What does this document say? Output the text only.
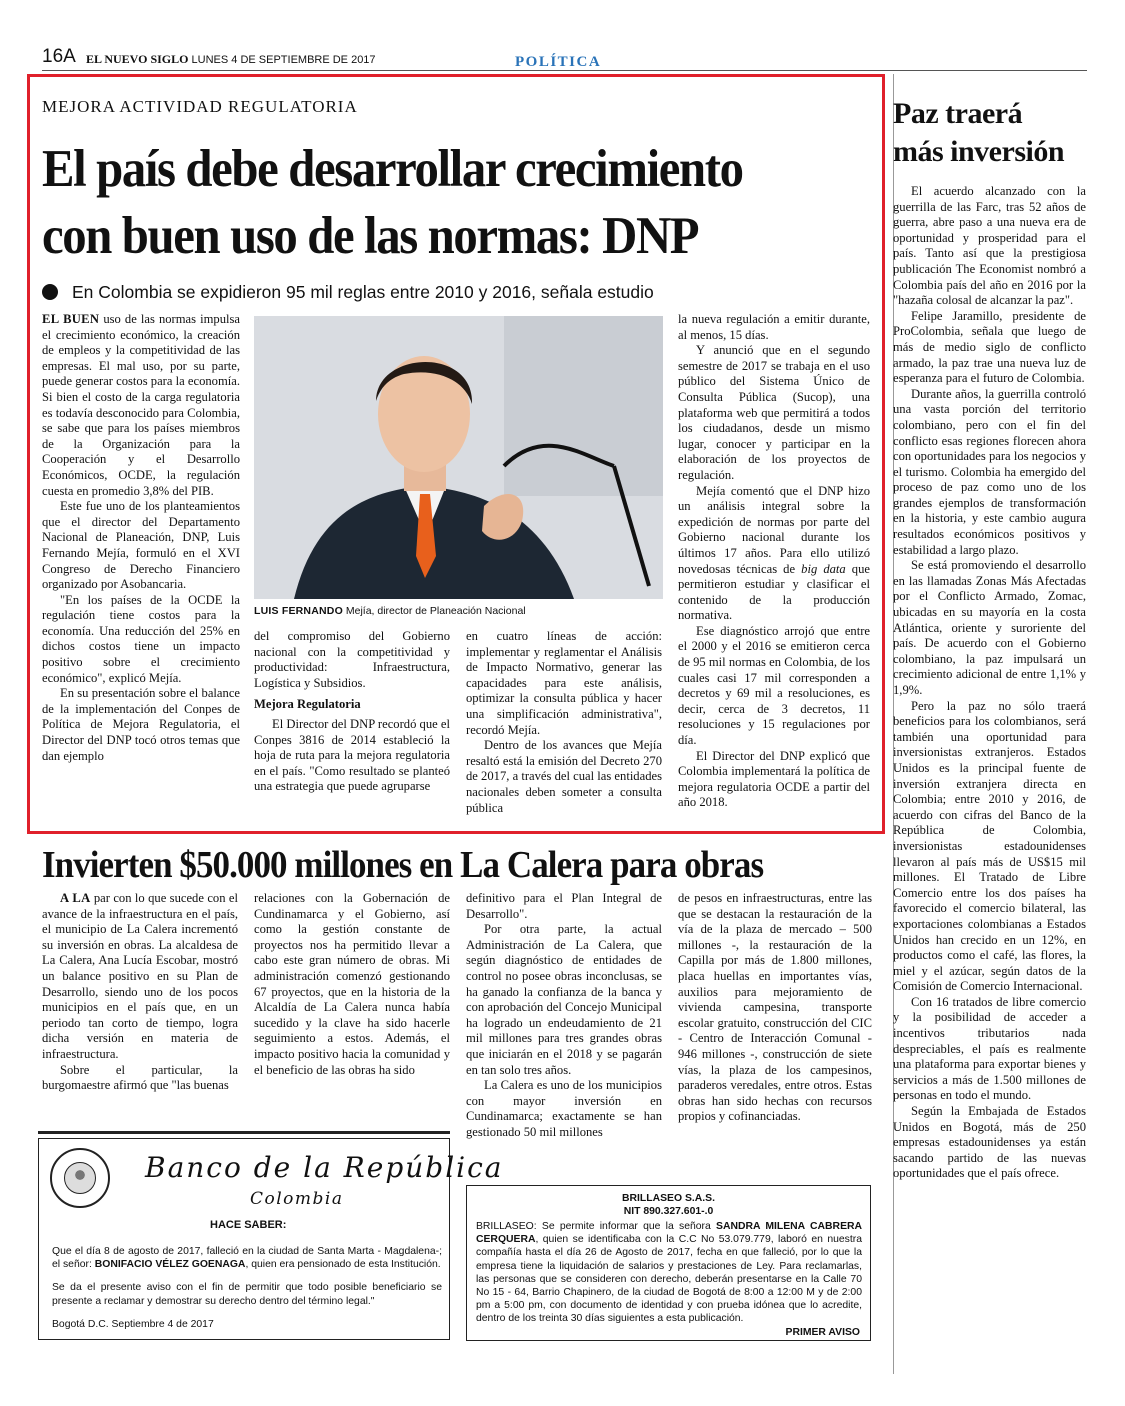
16A EL NUEVO SIGLO LUNES 4 DE SEPTIEMBRE DE 2017	POLÍTICA
MEJORA ACTIVIDAD REGULATORIA
El país debe desarrollar crecimiento
con buen uso de las normas: DNP
En Colombia se expidieron 95 mil reglas entre 2010 y 2016, señala estudio

EL BUEN uso de las normas impulsa el crecimiento económico, la creación de empleos y la competitividad de las empresas. El mal uso, por su parte, puede generar costos para la economía. Si bien el costo de la carga regulatoria es todavía desconocido para Colombia, se sabe que para los países miembros de la Organización para la Cooperación y el Desarrollo Económicos, OCDE, la regulación cuesta en promedio 3,8% del PIB.

Este fue uno de los planteamientos que el director del Departamento Nacional de Planeación, DNP, Luis Fernando Mejía, formuló en el XVI Congreso de Derecho Financiero organizado por Asobancaria.

"En los países de la OCDE la regulación tiene costos para la economía. Una reducción del 25% en dichos costos tiene un impacto positivo sobre el crecimiento económico", explicó Mejía.

En su presentación sobre el balance de la implementación del Conpes de Política de Mejora Regulatoria, el Director del DNP tocó otros temas que dan ejemplo

LUIS FERNANDO Mejía, director de Planeación Nacional

del compromiso del Gobierno nacional con la competitividad y productividad: Infraestructura, Logística y Subsidios.

Mejora Regulatoria

El Director del DNP recordó que el Conpes 3816 de 2014 estableció la hoja de ruta para la mejora regulatoria en el país. "Como resultado se planteó una estrategia que puede agruparse

en cuatro líneas de acción: implementar y reglamentar el Análisis de Impacto Normativo, generar las capacidades para este análisis, optimizar la consulta pública y hacer una simplificación administrativa", recordó Mejía.

Dentro de los avances que Mejía resaltó está la emisión del Decreto 270 de 2017, a través del cual las entidades nacionales deben someter a consulta pública

la nueva regulación a emitir durante, al menos, 15 días.

Y anunció que en el segundo semestre de 2017 se trabaja en el uso público del Sistema Único de Consulta Pública (Sucop), una plataforma web que permitirá a todos los ciudadanos, desde un mismo lugar, conocer y participar en la elaboración de los proyectos de regulación.

Mejía comentó que el DNP hizo un análisis integral sobre la expedición de normas por parte del Gobierno nacional durante los últimos 17 años. Para ello utilizó novedosas técnicas de big data que permitieron estudiar y clasificar el contenido de la producción normativa.

Ese diagnóstico arrojó que entre el 2000 y el 2016 se emitieron cerca de 95 mil normas en Colombia, de los cuales casi 17 mil corresponden a decretos y 69 mil a resoluciones, es decir, cerca de 3 decretos, 11 resoluciones y 15 regulaciones por día.

El Director del DNP explicó que Colombia implementará la política de mejora regulatoria OCDE a partir del año 2018.

Paz traerá
más inversión

El acuerdo alcanzado con la guerrilla de las Farc, tras 52 años de guerra, abre paso a una nueva era de oportunidad y prosperidad para el país. Tanto así que la prestigiosa publicación The Economist nombró a Colombia país del año en 2016 por la "hazaña colosal de alcanzar la paz".

Felipe Jaramillo, presidente de ProColombia, señala que luego de más de medio siglo de conflicto armado, la paz trae una nueva luz de esperanza para el futuro de Colombia.

Durante años, la guerrilla controló una vasta porción del territorio colombiano, pero con el fin del conflicto esas regiones florecen ahora con oportunidades para los negocios y el turismo. Colombia ha emergido del proceso de paz como uno de los grandes ejemplos de transformación en la historia, y este cambio augura resultados económicos positivos y estabilidad a largo plazo.

Se está promoviendo el desarrollo en las llamadas Zonas Más Afectadas por el Conflicto Armado, Zomac, ubicadas en su mayoría en la costa Atlántica, oriente y suroriente del país. De acuerdo con el Gobierno colombiano, la paz impulsará un crecimiento adicional de entre 1,1% y 1,9%.

Pero la paz no sólo traerá beneficios para los colombianos, será también una oportunidad para inversionistas extranjeros. Estados Unidos es la principal fuente de inversión extranjera directa en Colombia; entre 2010 y 2016, de acuerdo con cifras del Banco de la República de Colombia, inversionistas estadounidenses llevaron al país más de US$15 mil millones. El Tratado de Libre Comercio entre los dos países ha favorecido el comercio bilateral, las exportaciones colombianas a Estados Unidos han crecido en un 12%, en productos como el café, las flores, la miel y el azúcar, según datos de la Comisión de Comercio Internacional.

Con 16 tratados de libre comercio y la posibilidad de acceder a incentivos tributarios nada despreciables, el país es realmente una plataforma para exportar bienes y servicios a más de 1.500 millones de personas en todo el mundo.

Según la Embajada de Estados Unidos en Bogotá, más de 250 empresas estadounidenses ya están sacando partido de las nuevas oportunidades que el país ofrece.

Invierten $50.000 millones en La Calera para obras

A LA par con lo que sucede con el avance de la infraestructura en el país, el municipio de La Calera incrementó su inversión en obras. La alcaldesa de La Calera, Ana Lucía Escobar, mostró un balance positivo en su Plan de Desarrollo, siendo uno de los pocos municipios en el país que, en un periodo tan corto de tiempo, logra dicha versión en materia de infraestructura.

Sobre el particular, la burgomaestre afirmó que "las buenas

relaciones con la Gobernación de Cundinamarca y el Gobierno, así como la gestión constante de proyectos nos ha permitido llevar a cabo este gran número de obras. Mi administración comenzó gestionando 67 proyectos, que en la historia de la Alcaldía de La Calera nunca había sucedido y la clave ha sido hacerle seguimiento a estos. Además, el impacto positivo hacia la comunidad y el beneficio de las obras ha sido

definitivo para el Plan Integral de Desarrollo".

Por otra parte, la actual Administración de La Calera, que según diagnóstico de entidades de control no posee obras inconclusas, se ha ganado la confianza de la banca y con aprobación del Concejo Municipal ha logrado un endeudamiento de 21 mil millones para tres grandes obras que iniciarán en el 2018 y se pagarán en tan solo tres años.

La Calera es uno de los municipios con mayor inversión en Cundinamarca; exactamente se han gestionado 50 mil millones

de pesos en infraestructuras, entre las que se destacan la restauración de la vía de la plaza de mercado – 500 millones -, la restauración de la Capilla por más de 1.800 millones, placa huellas en importantes vías, auxilios para mejoramiento de vivienda campesina, transporte escolar gratuito, construcción del CIC - Centro de Interacción Comunal - 946 millones -, construcción de siete vías, la plaza de los campesinos, paraderos veredales, entre otros. Estas obras han sido hechas con recursos propios y cofinanciadas.

Banco de la República
Colombia
HACE SABER:

Que el día 8 de agosto de 2017, falleció en la ciudad de Santa Marta - Magdalena-; el señor: BONIFACIO VÉLEZ GOENAGA, quien era pensionado de esta Institución.

Se da el presente aviso con el fin de permitir que todo posible beneficiario se presente a reclamar y demostrar su derecho dentro del término legal."

Bogotá D.C. Septiembre 4 de 2017

BRILLASEO S.A.S.
NIT 890.327.601-.0
BRILLASEO: Se permite informar que la señora SANDRA MILENA CABRERA CERQUERA, quien se identificaba con la C.C No 53.079.779, laboró en nuestra compañía hasta el día 26 de Agosto de 2017, fecha en que falleció, por lo que la empresa tiene la liquidación de salarios y prestaciones de Ley. Para reclamarlas, las personas que se consideren con derecho, deberán presentarse en la Calle 70 No 15 - 64, Barrio Chapinero, de la ciudad de Bogotá de 8:00 a 12:00 M y de 2:00 pm a 5:00 pm, con documento de identidad y con prueba idónea que lo acredite, dentro de los treinta 30 días siguientes a esta publicación.
PRIMER AVISO
